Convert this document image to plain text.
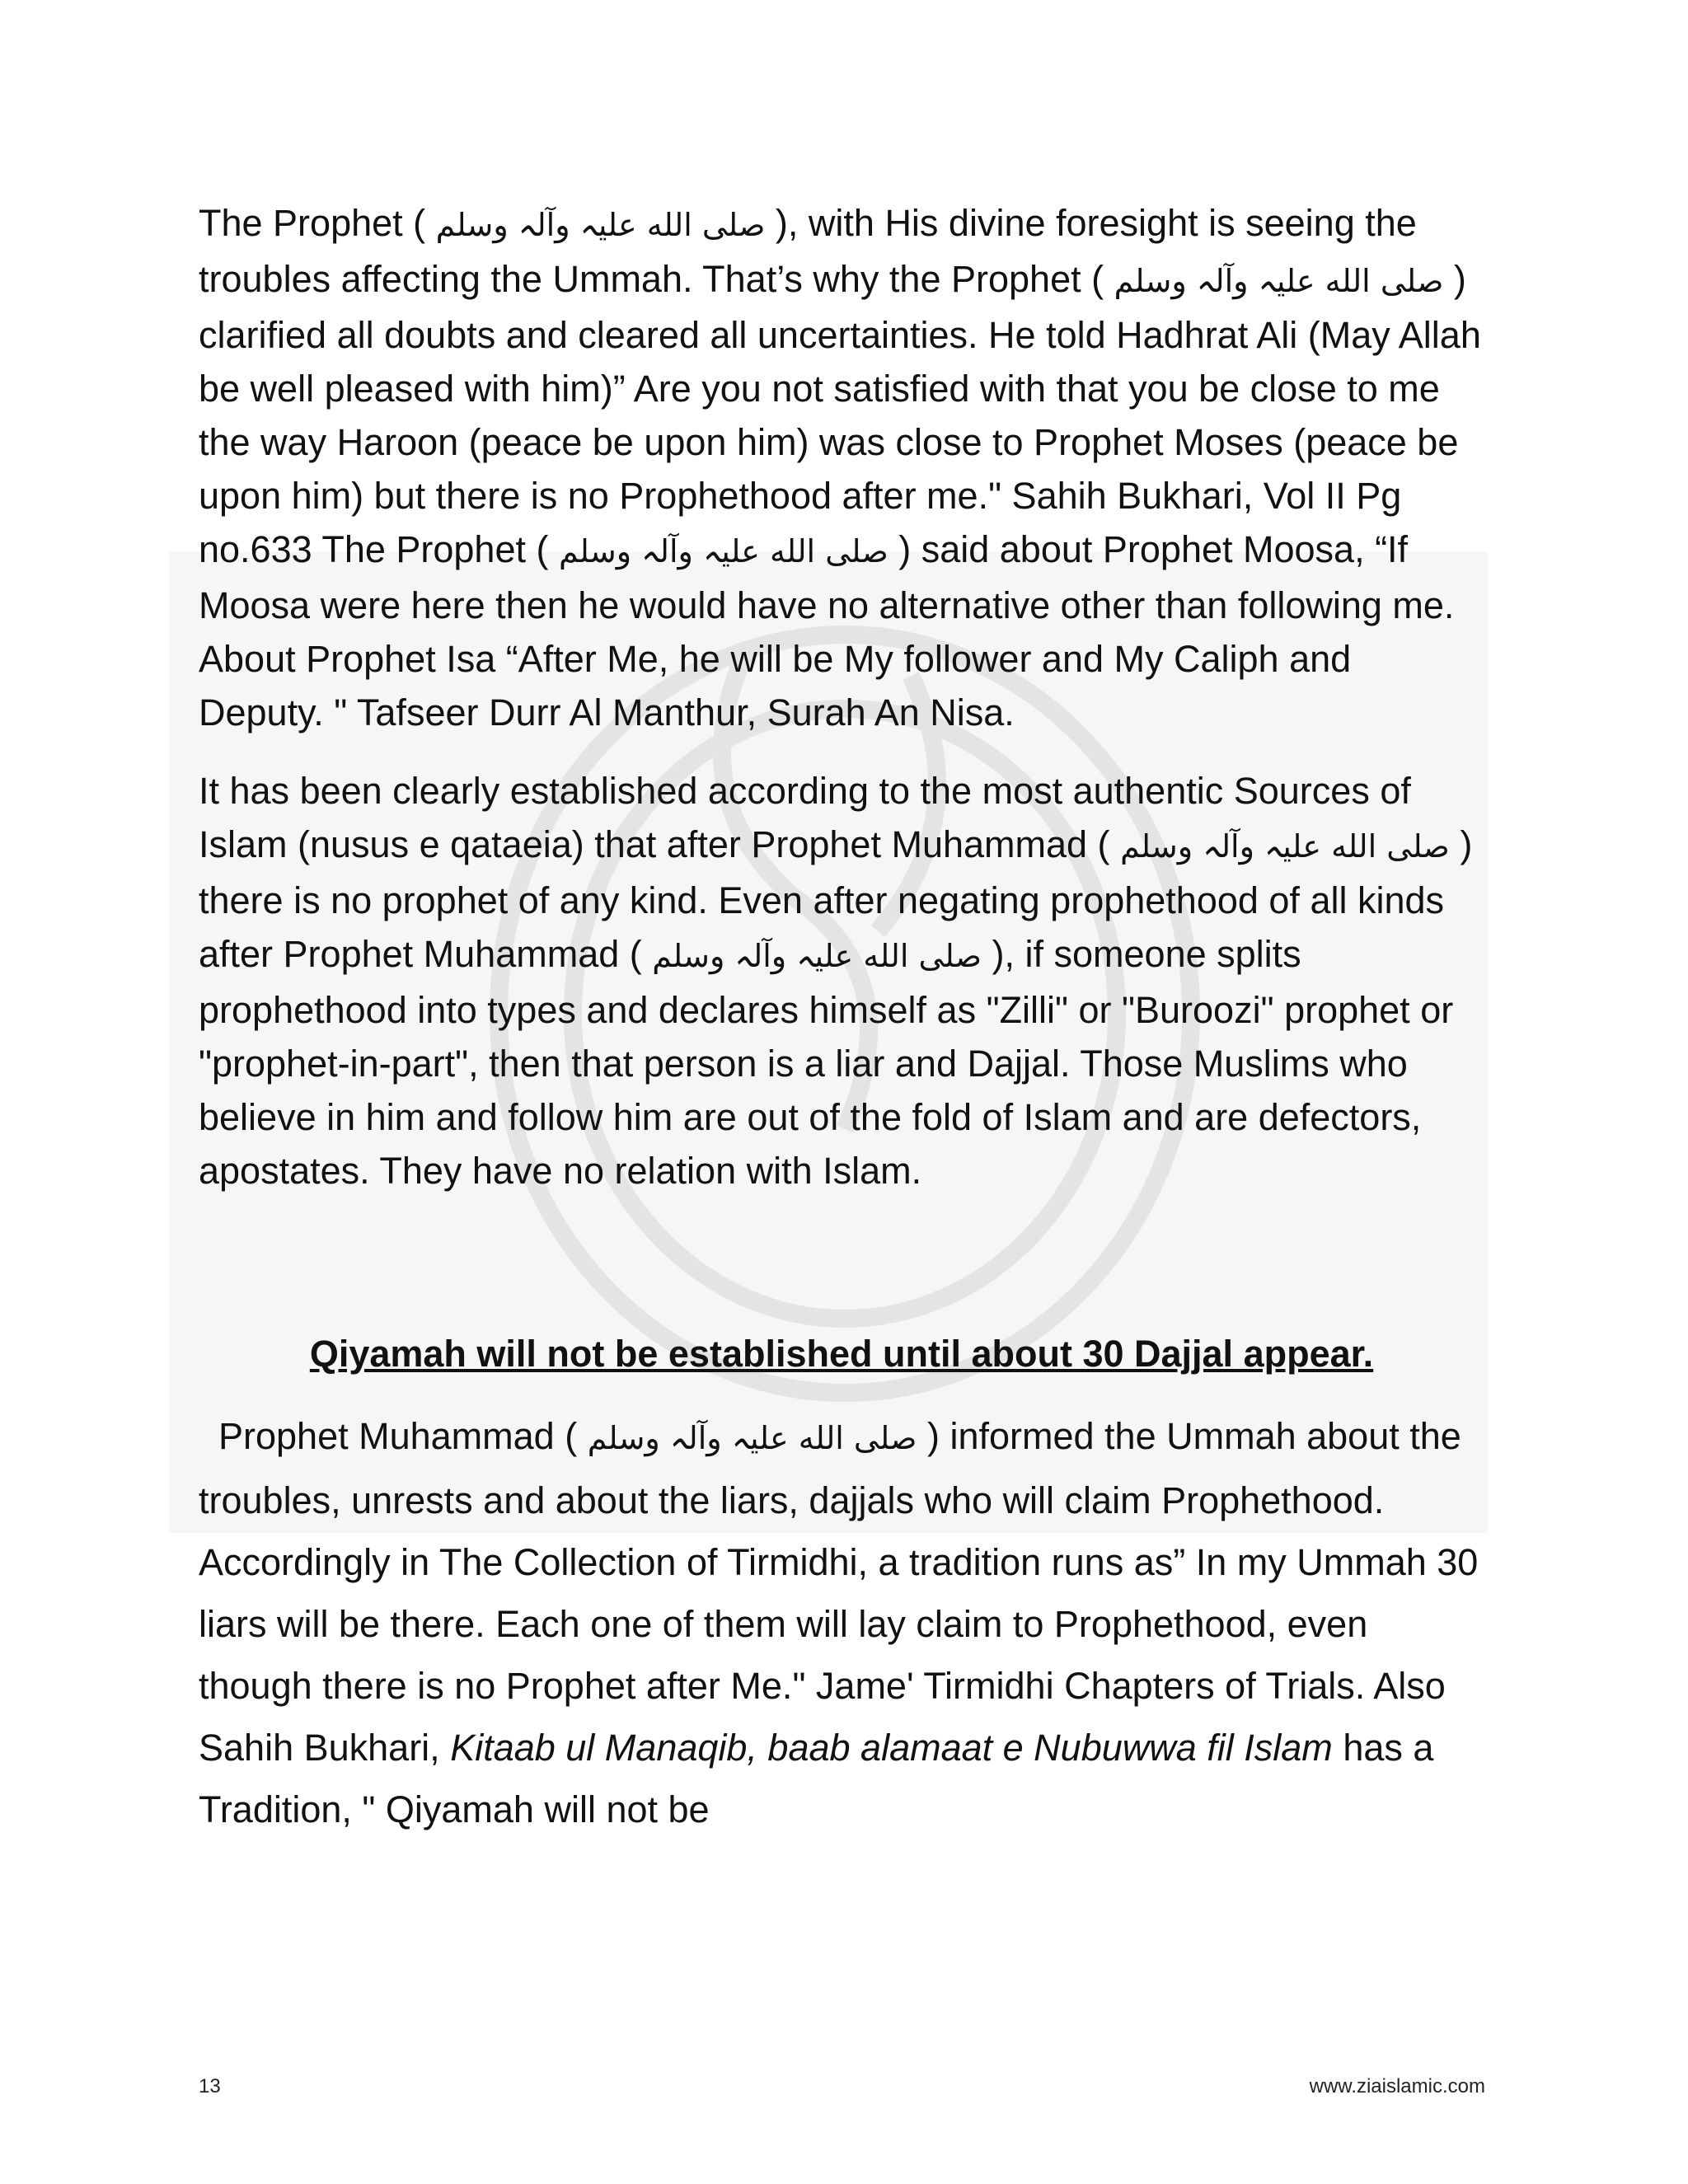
The Prophet ( صلى الله عليہ وآلہ وسلم ), with His divine foresight is seeing the troubles affecting the Ummah. That’s why the Prophet ( صلى الله عليہ وآلہ وسلم ) clarified all doubts and cleared all uncertainties. He told Hadhrat Ali (May Allah be well pleased with him)” Are you not satisfied with that you be close to me the way Haroon (peace be upon him) was close to Prophet Moses (peace be upon him) but there is no Prophethood after me." Sahih Bukhari, Vol II Pg no.633 The Prophet ( صلى الله عليہ وآلہ وسلم ) said about Prophet Moosa, “If Moosa were here then he would have no alternative other than following me. About Prophet Isa “After Me, he will be My follower and My Caliph and Deputy. " Tafseer Durr Al Manthur, Surah An Nisa.

It has been clearly established according to the most authentic Sources of Islam (nusus e qataeia) that after Prophet Muhammad ( صلى الله عليہ وآلہ وسلم ) there is no prophet of any kind. Even after negating prophethood of all kinds after Prophet Muhammad ( صلى الله عليہ وآلہ وسلم ), if someone splits prophethood into types and declares himself as "Zilli" or "Buroozi" prophet or "prophet-in-part", then that person is a liar and Dajjal. Those Muslims who believe in him and follow him are out of the fold of Islam and are defectors, apostates. They have no relation with Islam.

Qiyamah will not be established until about 30 Dajjal appear.

Prophet Muhammad ( صلى الله عليہ وآلہ وسلم ) informed the Ummah about the troubles, unrests and about the liars, dajjals who will claim Prophethood. Accordingly in The Collection of Tirmidhi, a tradition runs as” In my Ummah 30 liars will be there. Each one of them will lay claim to Prophethood, even though there is no Prophet after Me." Jame' Tirmidhi Chapters of Trials. Also Sahih Bukhari, Kitaab ul Manaqib, baab alamaat e Nubuwwa fil Islam has a Tradition, " Qiyamah will not be

13	www.ziaislamic.com
